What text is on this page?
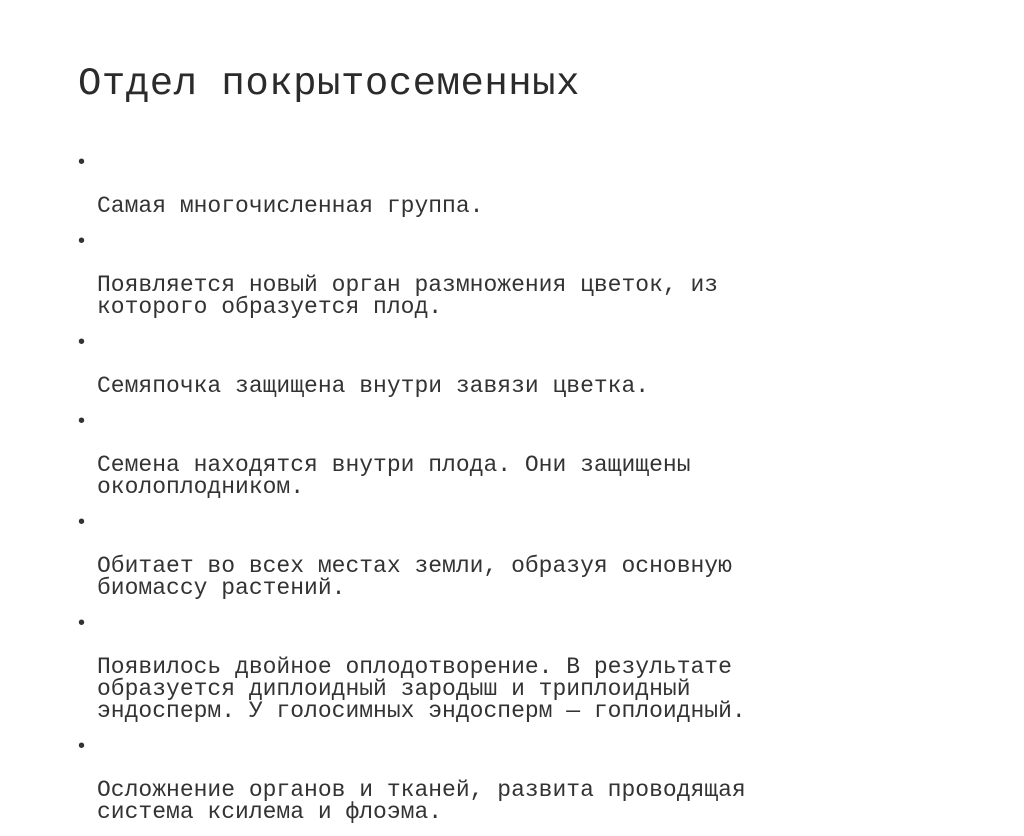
Отдел покрытосеменных

•

Самая многочисленная группа.

•

Появляется новый орган размножения цветок, из
которого образуется плод.

•

Семяпочка защищена внутри завязи цветка.

•

Семена находятся внутри плода. Они защищены
околоплодником.

•

Обитает во всех местах земли, образуя основную
биомассу растений.

•

Появилось двойное оплодотворение. В результате
образуется диплоидный зародыш и триплоидный
эндосперм. У голосимных эндосперм — гоплоидный.

•

Осложнение органов и тканей, развита проводящая
система ксилема и флоэма.
